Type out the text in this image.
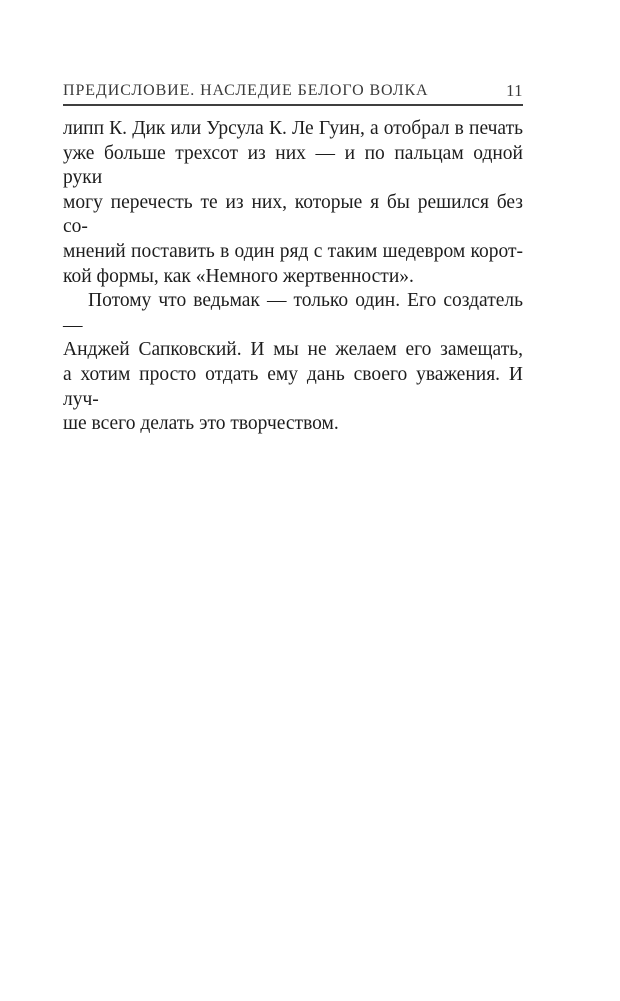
ПРЕДИСЛОВИЕ. НАСЛЕДИЕ БЕЛОГО ВОЛКА	11
липп К. Дик или Урсула К. Ле Гуин, а отобрал в печать
уже больше трехсот из них — и по пальцам одной руки
могу перечесть те из них, которые я бы решился без со-
мнений поставить в один ряд с таким шедевром корот-
кой формы, как «Немного жертвенности».
Потому что ведьмак — только один. Его создатель —
Анджей Сапковский. И мы не желаем его замещать,
а хотим просто отдать ему дань своего уважения. И луч-
ше всего делать это творчеством.
